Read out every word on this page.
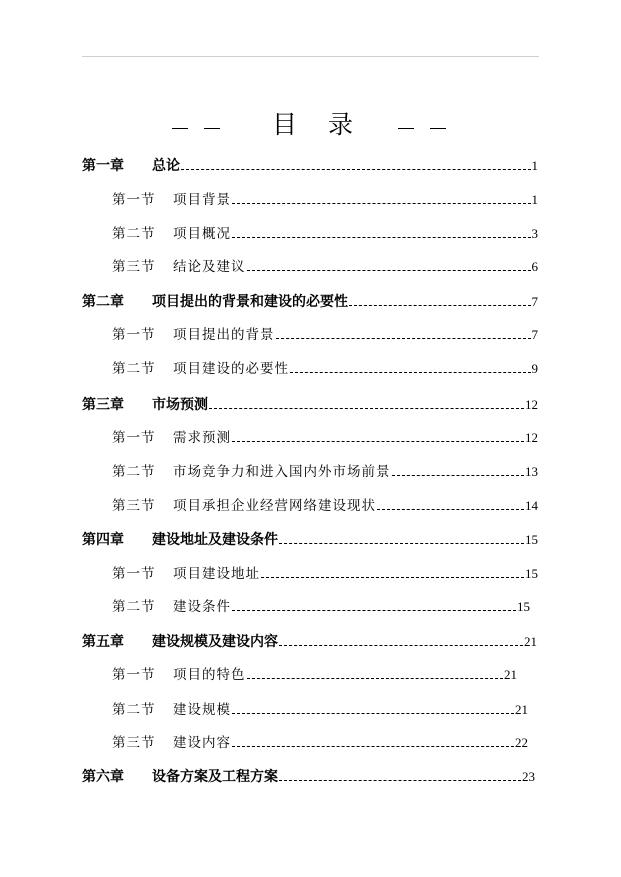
目 录
第一章	总论	1
第一节	项目背景	1
第二节	项目概况	3
第三节	结论及建议	6
第二章	项目提出的背景和建设的必要性	7
第一节	项目提出的背景	7
第二节	项目建设的必要性	9
第三章	市场预测	12
第一节	需求预测	12
第二节	市场竞争力和进入国内外市场前景	13
第三节	项目承担企业经营网络建设现状	14
第四章	建设地址及建设条件	15
第一节	项目建设地址	15
第二节	建设条件	15
第五章	建设规模及建设内容	21
第一节	项目的特色	21
第二节	建设规模	21
第三节	建设内容	22
第六章	设备方案及工程方案	23
